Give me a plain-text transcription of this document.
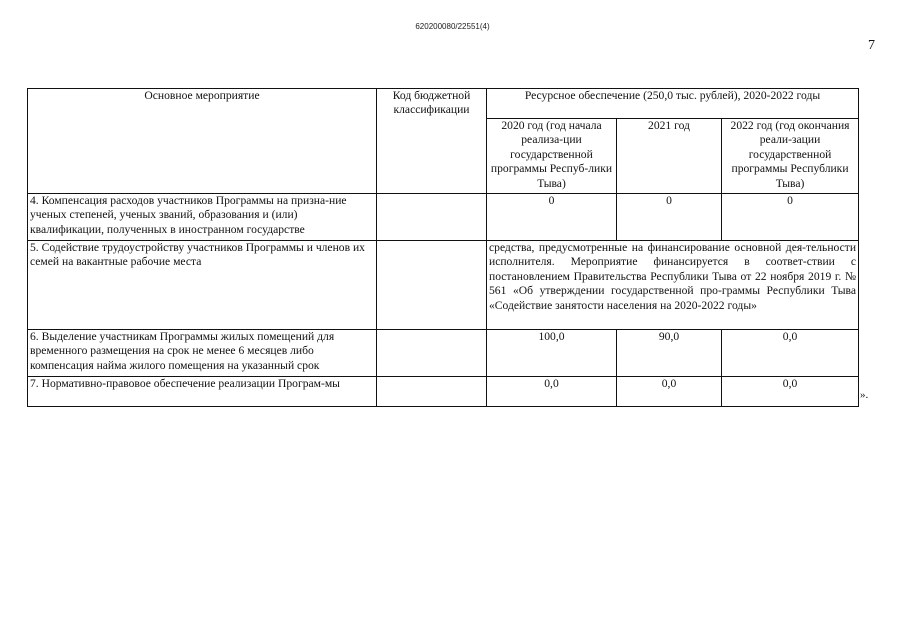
620200080/22551(4)
7
Основное мероприятие	Код бюджетной классификации	Ресурсное обеспечение (250,0 тыс. рублей), 2020-2022 годы		
		2020 год (год начала реализа-ции государственной программы Респуб-лики Тыва)	2021 год	2022 год (год окончания реали-зации государственной программы Республики Тыва)
4. Компенсация расходов участников Программы на призна-ние ученых степеней, ученых званий, образования и (или) квалификации, полученных в иностранном государстве		0	0	0
5. Содействие трудоустройству участников Программы и членов их семей на вакантные рабочие места		средства, предусмотренные на финансирование основной дея-тельности исполнителя. Мероприятие финансируется в соответ-ствии с постановлением Правительства Республики Тыва от 22 ноября 2019 г. № 561 «Об утверждении государственной про-граммы Республики Тыва «Содействие занятости населения на 2020-2022 годы»		
6. Выделение участникам Программы жилых помещений для временного размещения на срок не менее 6 месяцев либо компенсация найма жилого помещения на указанный срок		100,0	90,0	0,0
7. Нормативно-правовое обеспечение реализации Програм-мы		0,0	0,0	0,0
».
